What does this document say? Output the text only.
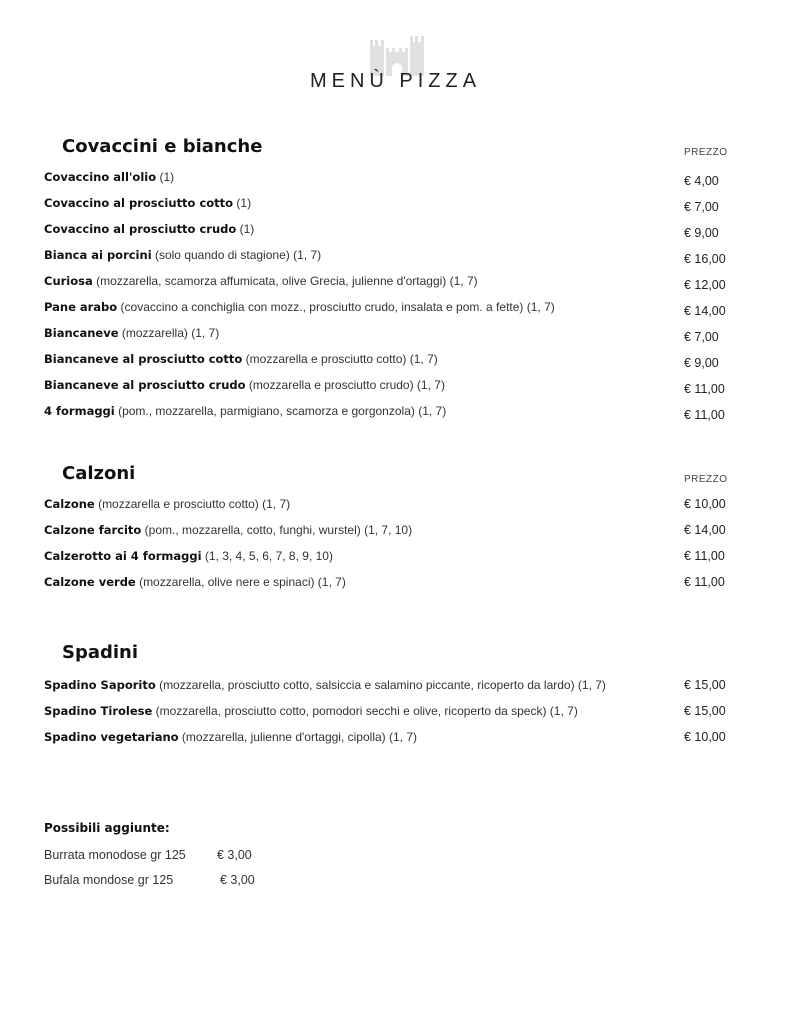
MENÙ PIZZA
Covaccini e bianche	PREZZO
Covaccino all'olio (1)	€ 4,00
Covaccino al prosciutto cotto (1)	€ 7,00
Covaccino al prosciutto crudo (1)	€ 9,00
Bianca ai porcini (solo quando di stagione) (1, 7)	€ 16,00
Curiosa (mozzarella, scamorza affumicata, olive Grecia, julienne d'ortaggi) (1, 7)	€ 12,00
Pane arabo (covaccino a conchiglia con mozz., prosciutto crudo, insalata e pom. a fette) (1, 7)	€ 14,00
Biancaneve (mozzarella) (1, 7)	€ 7,00
Biancaneve al prosciutto cotto (mozzarella e prosciutto cotto) (1, 7)	€ 9,00
Biancaneve al prosciutto crudo (mozzarella e prosciutto crudo) (1, 7)	€ 11,00
4 formaggi (pom., mozzarella, parmigiano, scamorza e gorgonzola) (1, 7)	€ 11,00
Calzoni	PREZZO
Calzone (mozzarella e prosciutto cotto) (1, 7)	€ 10,00
Calzone farcito (pom., mozzarella, cotto, funghi, wurstel) (1, 7, 10)	€ 14,00
Calzerotto ai 4 formaggi (1, 3, 4, 5, 6, 7, 8, 9, 10)	€ 11,00
Calzone verde (mozzarella, olive nere e spinaci) (1, 7)	€ 11,00
Spadini
Spadino Saporito (mozzarella, prosciutto cotto, salsiccia e salamino piccante, ricoperto da lardo) (1, 7)	€ 15,00
Spadino Tirolese (mozzarella, prosciutto cotto, pomodori secchi e olive, ricoperto da speck) (1, 7)	€ 15,00
Spadino vegetariano (mozzarella, julienne d'ortaggi, cipolla) (1, 7)	€ 10,00
Possibili aggiunte:
Burrata monodose gr 125 € 3,00
Bufala mondose gr 125	€ 3,00
